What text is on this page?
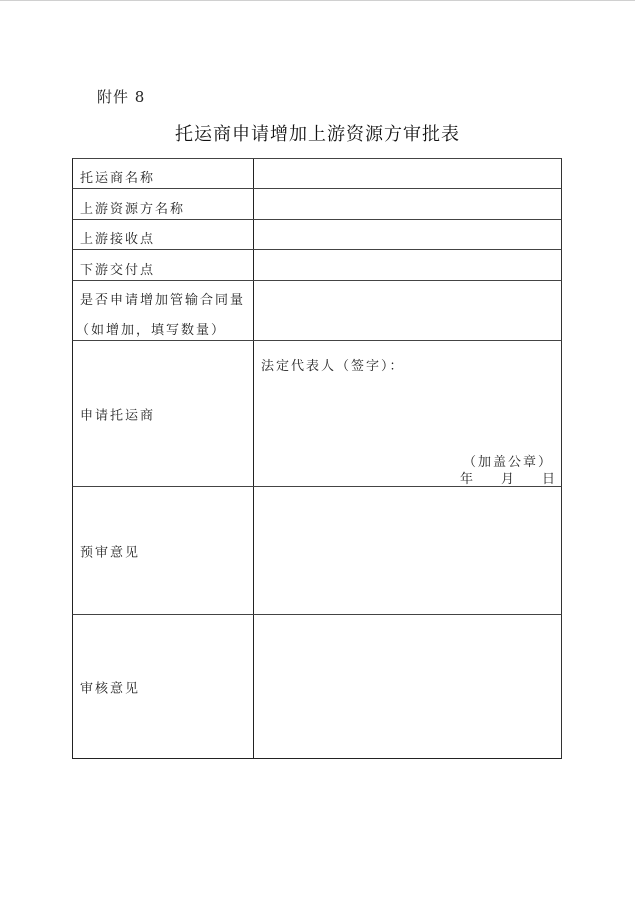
附件 8
托运商申请增加上游资源方审批表
托运商名称
上游资源方名称
上游接收点
下游交付点
是否申请增加管输合同量
（如增加，填写数量）
申请托运商
法定代表人（签字）：
（加盖公章）
年 月 日
预审意见
审核意见
